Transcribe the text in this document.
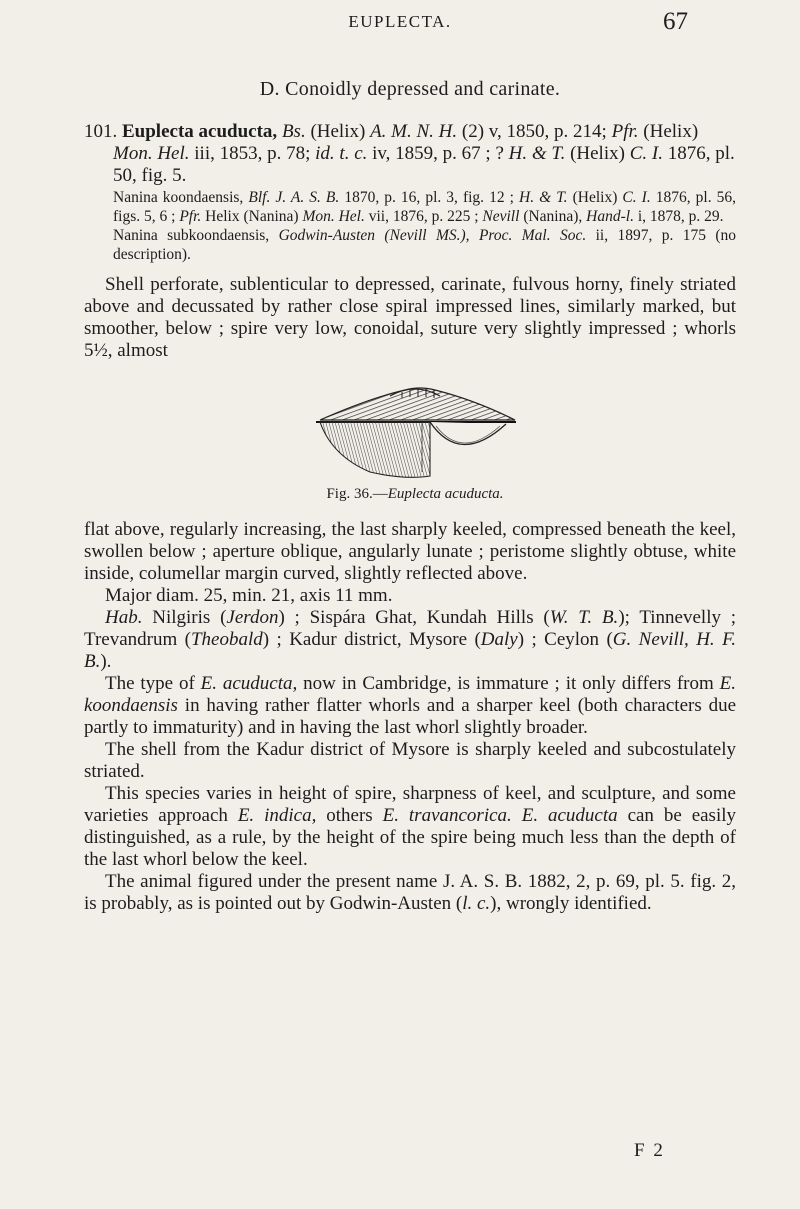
EUPLECTA.	67
D. Conoidly depressed and carinate.

101. Euplecta acuducta, Bs. (Helix) A. M. N. H. (2) v, 1850, p. 214; Pfr. (Helix) Mon. Hel. iii, 1853, p. 78; id. t. c. iv, 1859, p. 67 ; ? H. & T. (Helix) C. I. 1876, pl. 50, fig. 5.

Nanina koondaensis, Blf. J. A. S. B. 1870, p. 16, pl. 3, fig. 12 ; H. & T. (Helix) C. I. 1876, pl. 56, figs. 5, 6 ; Pfr. Helix (Nanina) Mon. Hel. vii, 1876, p. 225 ; Nevill (Nanina), Hand-l. i, 1878, p. 29.

Nanina subkoondaensis, Godwin-Austen (Nevill MS.), Proc. Mal. Soc. ii, 1897, p. 175 (no description).

Shell perforate, sublenticular to depressed, carinate, fulvous horny, finely striated above and decussated by rather close spiral impressed lines, similarly marked, but smoother, below ; spire very low, conoidal, suture very slightly impressed ; whorls 5½, almost

Fig. 36.—Euplecta acuducta.

flat above, regularly increasing, the last sharply keeled, compressed beneath the keel, swollen below ; aperture oblique, angularly lunate ; peristome slightly obtuse, white inside, columellar margin curved, slightly reflected above.

Major diam. 25, min. 21, axis 11 mm.

Hab. Nilgiris (Jerdon) ; Sispára Ghat, Kundah Hills (W. T. B.); Tinnevelly ; Trevandrum (Theobald) ; Kadur district, Mysore (Daly) ; Ceylon (G. Nevill, H. F. B.).

The type of E. acuducta, now in Cambridge, is immature ; it only differs from E. koondaensis in having rather flatter whorls and a sharper keel (both characters due partly to immaturity) and in having the last whorl slightly broader.

The shell from the Kadur district of Mysore is sharply keeled and subcostulately striated.

This species varies in height of spire, sharpness of keel, and sculpture, and some varieties approach E. indica, others E. travancorica. E. acuducta can be easily distinguished, as a rule, by the height of the spire being much less than the depth of the last whorl below the keel.

The animal figured under the present name J. A. S. B. 1882, 2, p. 69, pl. 5. fig. 2, is probably, as is pointed out by Godwin-Austen (l. c.), wrongly identified.

F 2
